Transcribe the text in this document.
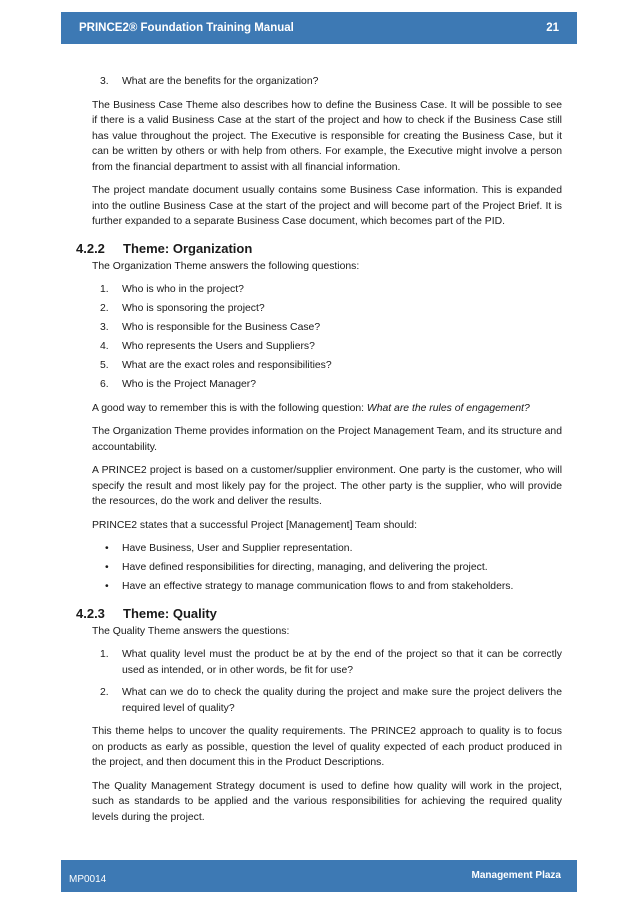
PRINCE2® Foundation Training Manual	21
3. What are the benefits for the organization?

The Business Case Theme also describes how to define the Business Case. It will be possible to see if there is a valid Business Case at the start of the project and how to check if the Business Case still has value throughout the project. The Executive is responsible for creating the Business Case, but it can be written by others or with help from others. For example, the Executive might involve a person from the financial department to assist with all financial information.

The project mandate document usually contains some Business Case information. This is expanded into the outline Business Case at the start of the project and will become part of the Project Brief. It is further expanded to a separate Business Case document, which becomes part of the PID.

4.2.2 Theme: Organization

The Organization Theme answers the following questions:

1. Who is who in the project?
2. Who is sponsoring the project?
3. Who is responsible for the Business Case?
4. Who represents the Users and Suppliers?
5. What are the exact roles and responsibilities?
6. Who is the Project Manager?

A good way to remember this is with the following question: What are the rules of engagement?

The Organization Theme provides information on the Project Management Team, and its structure and accountability.

A PRINCE2 project is based on a customer/supplier environment. One party is the customer, who will specify the result and most likely pay for the project. The other party is the supplier, who will provide the resources, do the work and deliver the results.

PRINCE2 states that a successful Project [Management] Team should:

• Have Business, User and Supplier representation.
• Have defined responsibilities for directing, managing, and delivering the project.
• Have an effective strategy to manage communication flows to and from stakeholders.
4.2.3 Theme: Quality

The Quality Theme answers the questions:

1. What quality level must the product be at by the end of the project so that it can be correctly used as intended, or in other words, be fit for use?
2. What can we do to check the quality during the project and make sure the project delivers the required level of quality?

This theme helps to uncover the quality requirements. The PRINCE2 approach to quality is to focus on products as early as possible, question the level of quality expected of each product produced in the project, and then document this in the Product Descriptions.

The Quality Management Strategy document is used to define how quality will work in the project, such as standards to be applied and the various responsibilities for achieving the required quality levels during the project.

MP0014	Management Plaza
